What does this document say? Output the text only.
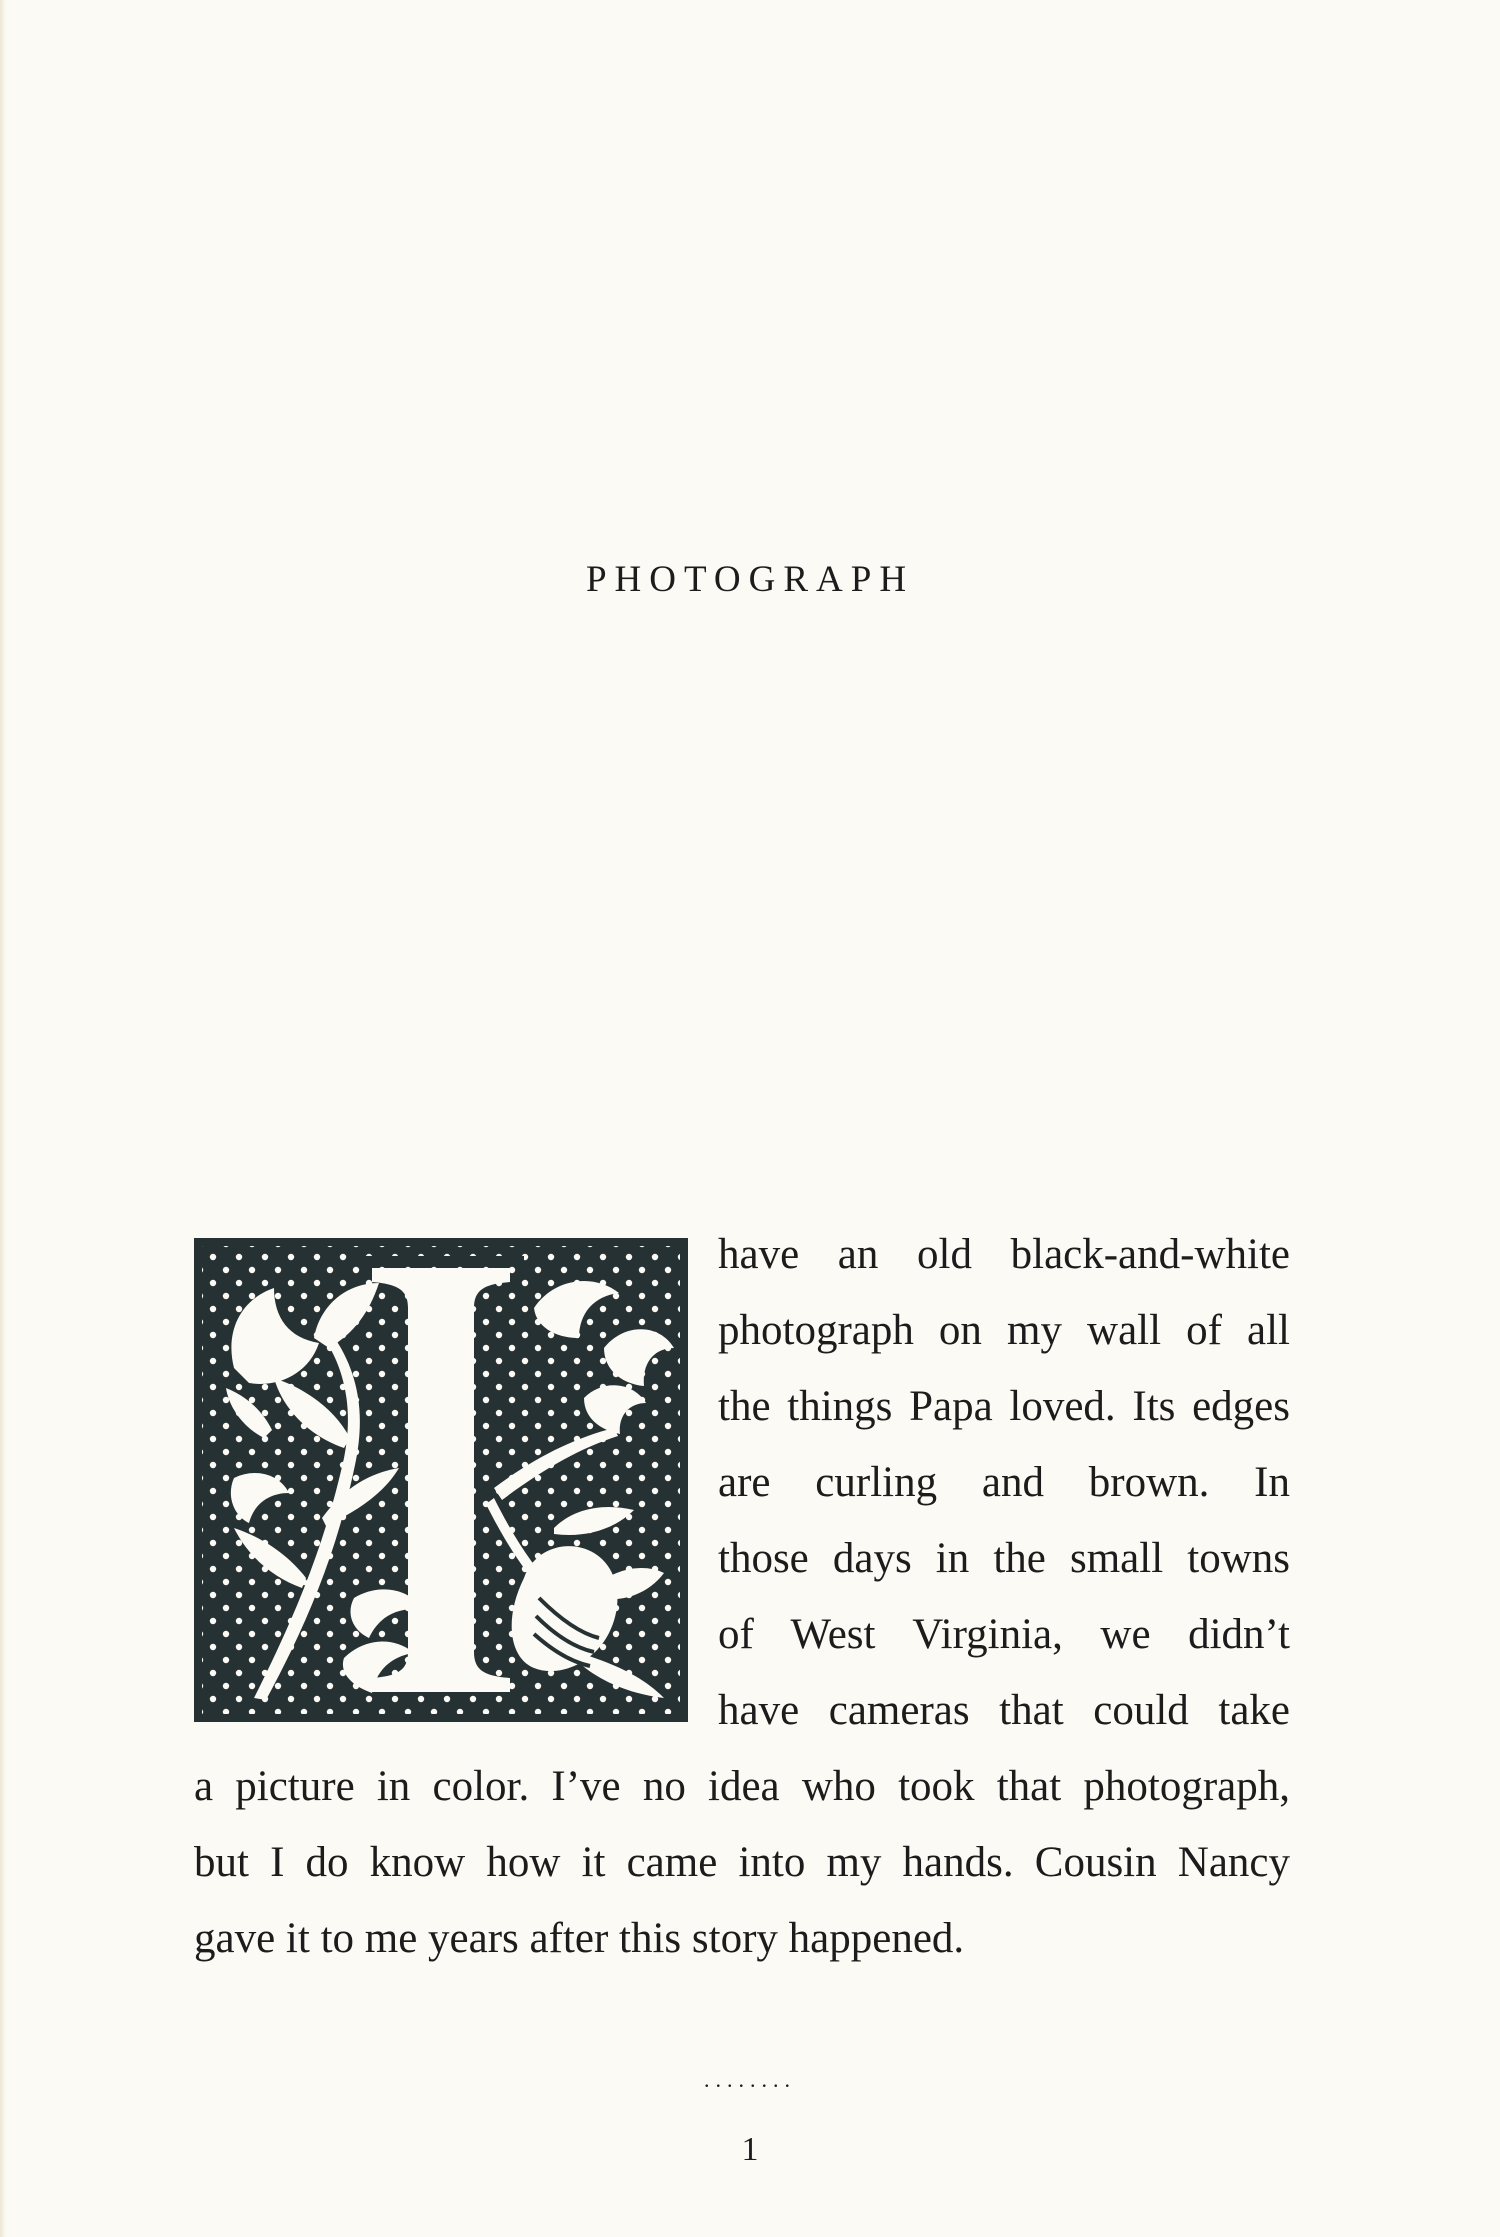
PHOTOGRAPH

have an old black-and-white
photograph on my wall of all
the things Papa loved. Its edges
are curling and brown. In
those days in the small towns
of West Virginia, we didn’t
have cameras that could take

a picture in color. I’ve no idea who took that photograph,
but I do know how it came into my hands. Cousin Nancy
gave it to me years after this story happened.

........
1
